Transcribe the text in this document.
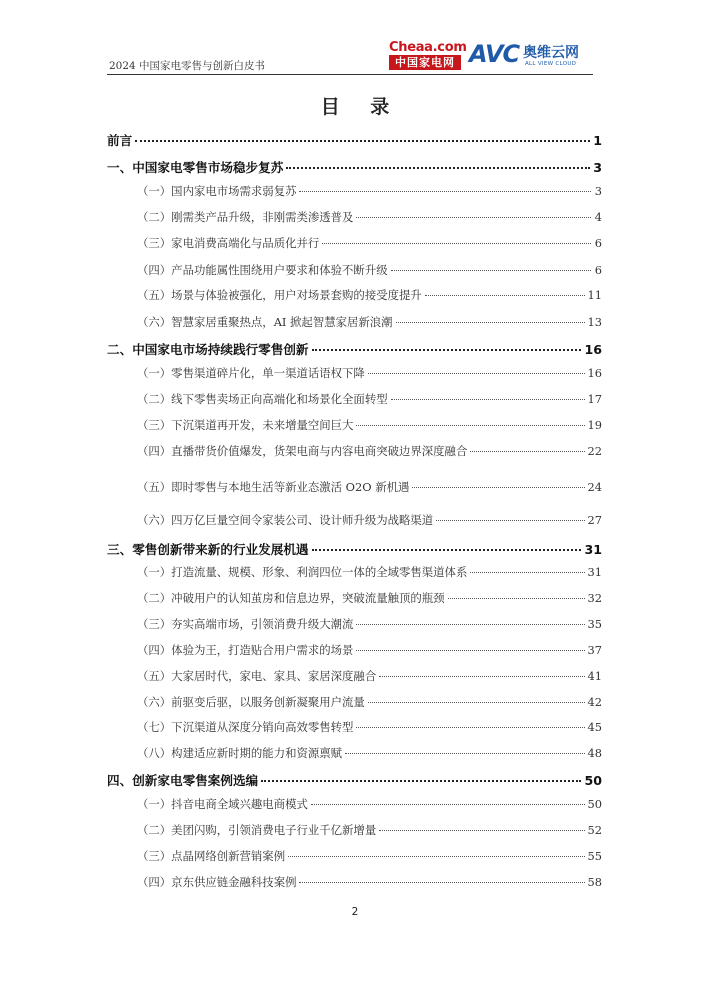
2024 中国家电零售与创新白皮书
Cheaa.com
中国家电网 AVC 奥维云网
ALL VIEW CLOUD
目 录
前言	1
一、中国家电零售市场稳步复苏	3
（一）国内家电市场需求弱复苏	3
（二）刚需类产品升级，非刚需类渗透普及	4
（三）家电消费高端化与品质化并行	6
（四）产品功能属性围绕用户要求和体验不断升级	6
（五）场景与体验被强化，用户对场景套购的接受度提升	11
（六）智慧家居重聚热点，AI 掀起智慧家居新浪潮	13
二、中国家电市场持续践行零售创新	16
（一）零售渠道碎片化，单一渠道话语权下降	16
（二）线下零售卖场正向高端化和场景化全面转型	17
（三）下沉渠道再开发，未来增量空间巨大	19
（四）直播带货价值爆发，货架电商与内容电商突破边界深度融合	22
（五）即时零售与本地生活等新业态激活 O2O 新机遇	24
（六）四万亿巨量空间令家装公司、设计师升级为战略渠道	27
三、零售创新带来新的行业发展机遇	31
（一）打造流量、规模、形象、利润四位一体的全域零售渠道体系	31
（二）冲破用户的认知茧房和信息边界，突破流量触顶的瓶颈	32
（三）夯实高端市场，引领消费升级大潮流	35
（四）体验为王，打造贴合用户需求的场景	37
（五）大家居时代，家电、家具、家居深度融合	41
（六）前驱变后驱，以服务创新凝聚用户流量	42
（七）下沉渠道从深度分销向高效零售转型	45
（八）构建适应新时期的能力和资源禀赋	48
四、创新家电零售案例选编	50
（一）抖音电商全域兴趣电商模式	50
（二）美团闪购，引领消费电子行业千亿新增量	52
（三）点晶网络创新营销案例	55
（四）京东供应链金融科技案例	58
2
